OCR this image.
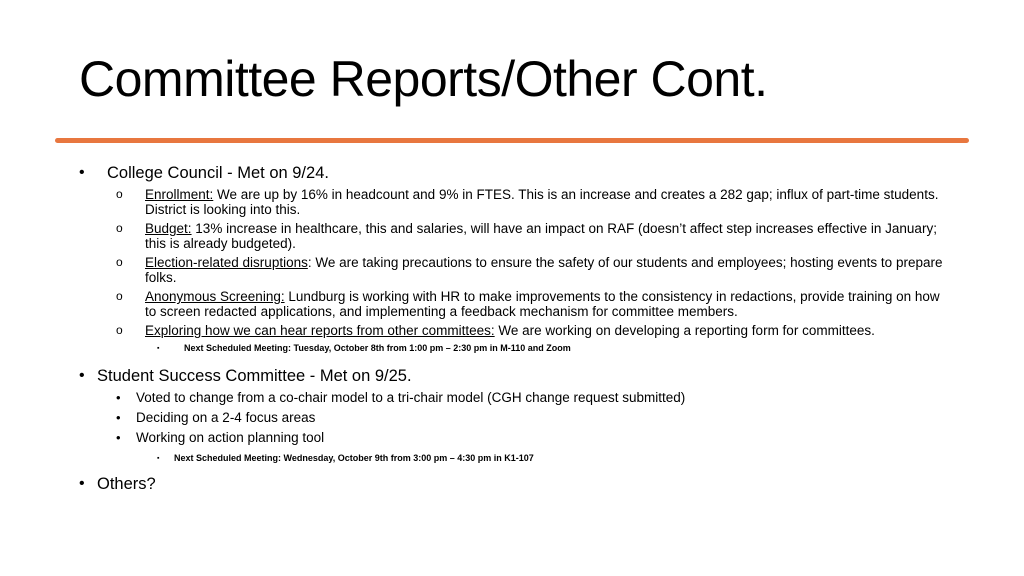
Committee Reports/Other Cont.
• College Council - Met on 9/24.
o Enrollment: We are up by 16% in headcount and 9% in FTES. This is an increase and creates a 282 gap; influx of part-time students. District is looking into this.
o Budget: 13% increase in healthcare, this and salaries, will have an impact on RAF (doesn’t affect step increases effective in January; this is already budgeted).
o Election-related disruptions: We are taking precautions to ensure the safety of our students and employees; hosting events to prepare folks.
o Anonymous Screening: Lundburg is working with HR to make improvements to the consistency in redactions, provide training on how to screen redacted applications, and implementing a feedback mechanism for committee members.
o Exploring how we can hear reports from other committees: We are working on developing a reporting form for committees.
▪	Next Scheduled Meeting: Tuesday, October 8th from 1:00 pm – 2:30 pm in M-110 and Zoom
• Student Success Committee - Met on 9/25.
• Voted to change from a co-chair model to a tri-chair model (CGH change request submitted)
• Deciding on a 2-4 focus areas
• Working on action planning tool
▪ Next Scheduled Meeting: Wednesday, October 9th from 3:00 pm – 4:30 pm in K1-107
• Others?
